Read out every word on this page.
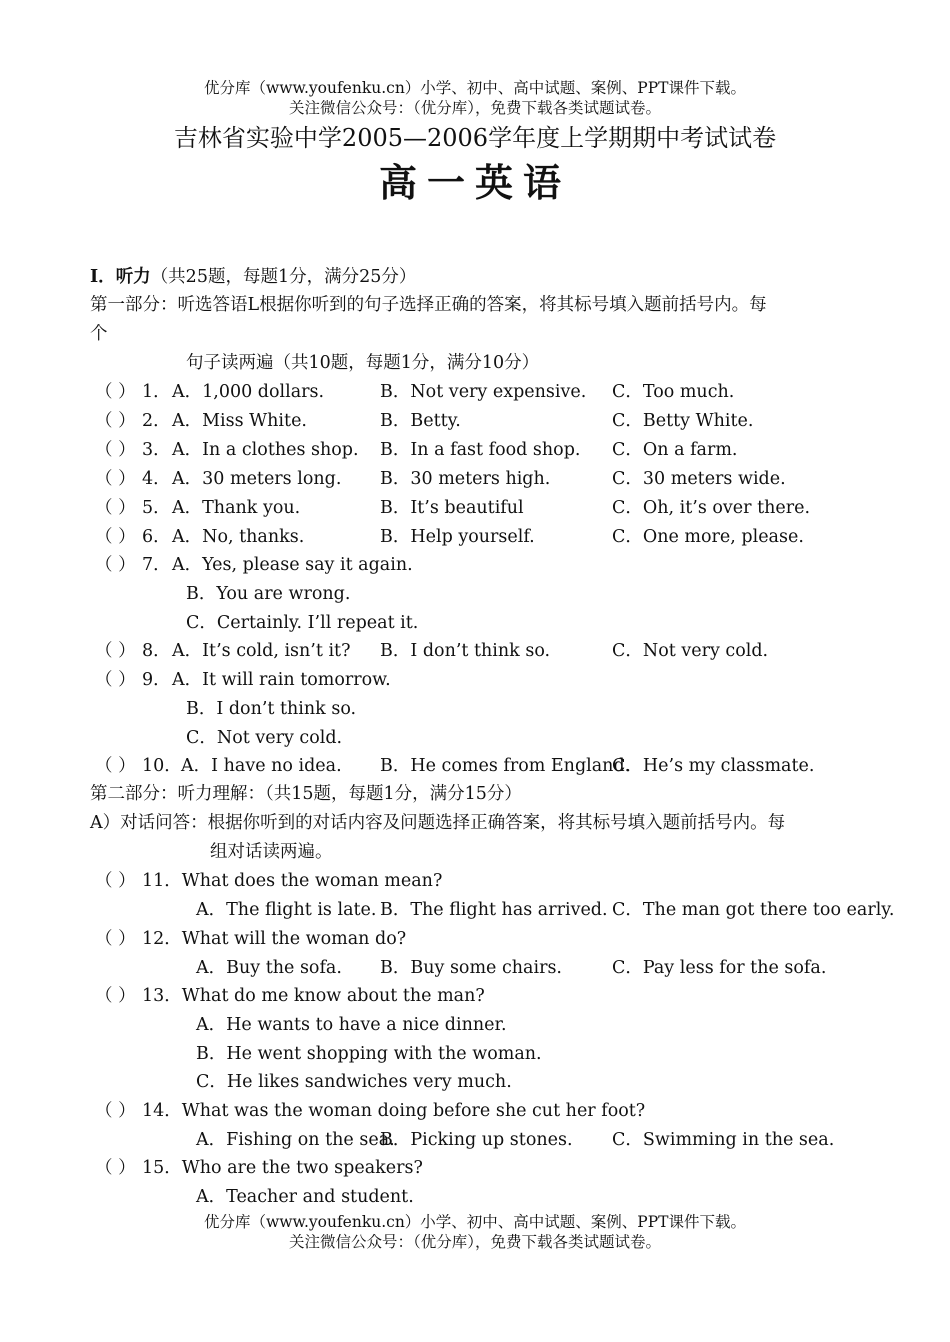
优分库（www.youfenku.cn）小学、初中、高中试题、案例、PPT课件下载。
关注微信公众号：（优分库），免费下载各类试题试卷。
吉林省实验中学2005—2006学年度上学期期中考试试卷
高一英语
Ⅰ．听力（共25题，每题1分，满分25分）
第一部分：听选答语L根据你听到的句子选择正确的答案，将其标号填入题前括号内。每
个
句子读两遍（共10题，每题1分，满分10分）
（ ） 1． A．1,000 dollars.	B．Not very expensive. C．Too much.
（ ） 2． A．Miss White.	B．Betty.	C．Betty White.
（ ） 3． A．In a clothes shop. B．In a fast food shop. C．On a farm.
（ ） 4． A．30 meters long. B．30 meters high.	C．30 meters wide.
（ ） 5． A．Thank you.	B．It’s beautiful	C．Oh, it’s over there.
（ ） 6． A．No, thanks.	B．Help yourself.	C．One more, please.
（ ） 7． A．Yes, please say it again.
B．You are wrong.
C．Certainly. I’ll repeat it.
（ ） 8． A．It’s cold, isn’t it? B．I don’t think so.	C．Not very cold.
（ ） 9． A．It will rain tomorrow.
B．I don’t think so.
C．Not very cold.
（ ） 10． A．I have no idea. B．He comes from England.
C．He’s my classmate.
第二部分：听力理解：（共15题，每题1分，满分15分）
A）对话问答：根据你听到的对话内容及问题选择正确答案，将其标号填入题前括号内。每
组对话读两遍。
（ ） 11．What does the woman mean?
A．The flight is late. B．The flight has arrived. C．The man got there too early.
（ ） 12．What will the woman do?
A．Buy the sofa. B．Buy some chairs.	C．Pay less for the sofa.
（ ） 13．What do me know about the man?
A．He wants to have a nice dinner.
B．He went shopping with the woman.
C．He likes sandwiches very much.
（ ） 14．What was the woman doing before she cut her foot?
A．Fishing on the sea.
B．Picking up stones. C．Swimming in the sea.
（ ） 15．Who are the two speakers?
A．Teacher and student.
优分库（www.youfenku.cn）小学、初中、高中试题、案例、PPT课件下载。
关注微信公众号：（优分库），免费下载各类试题试卷。
